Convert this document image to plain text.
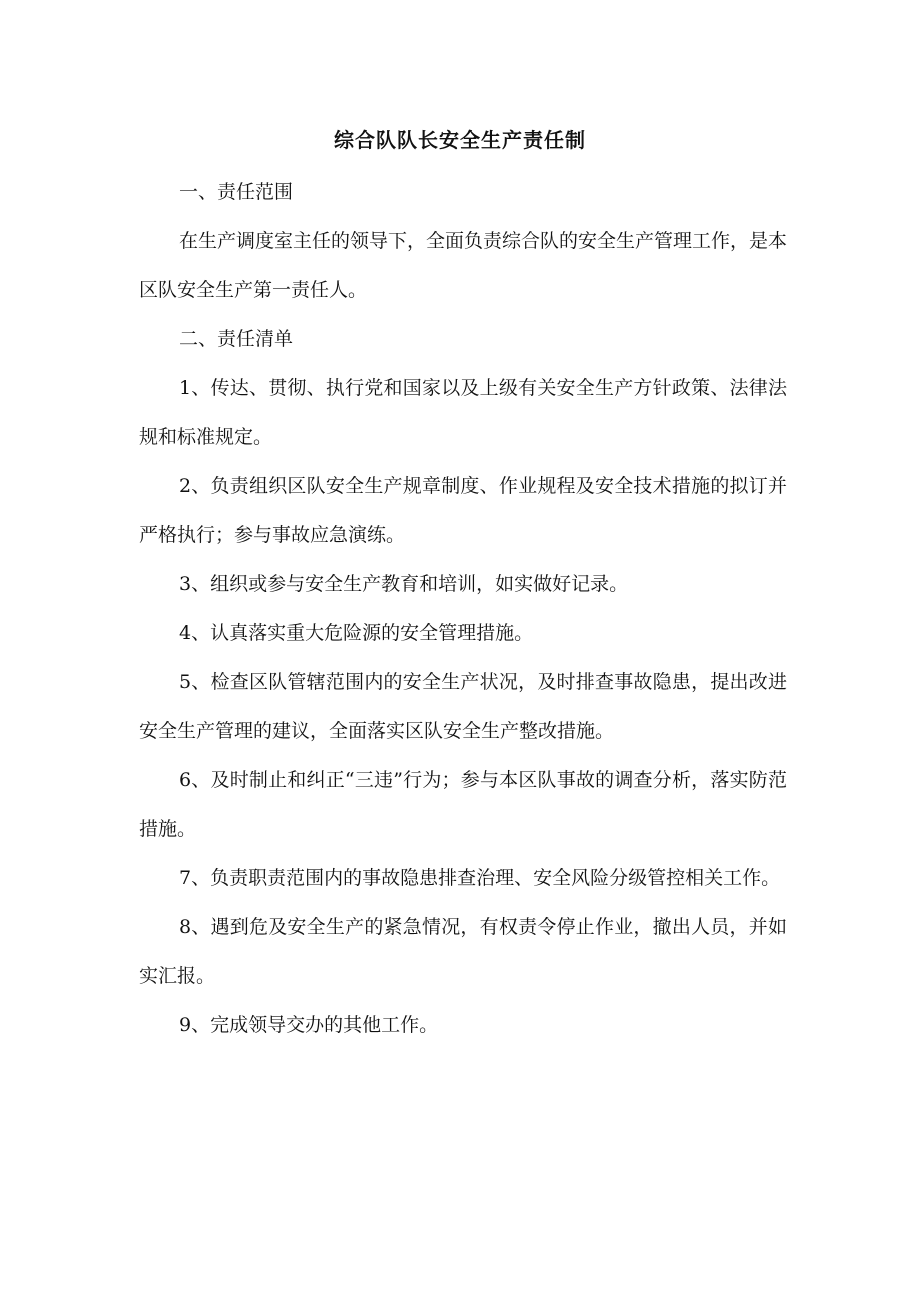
综合队队长安全生产责任制

一、责任范围

在生产调度室主任的领导下，全面负责综合队的安全生产管理工作，是本区队安全生产第一责任人。

二、责任清单

1、传达、贯彻、执行党和国家以及上级有关安全生产方针政策、法律法规和标准规定。

2、负责组织区队安全生产规章制度、作业规程及安全技术措施的拟订并严格执行；参与事故应急演练。

3、组织或参与安全生产教育和培训，如实做好记录。

4、认真落实重大危险源的安全管理措施。

5、检查区队管辖范围内的安全生产状况，及时排查事故隐患，提出改进安全生产管理的建议，全面落实区队安全生产整改措施。

6、及时制止和纠正“三违”行为；参与本区队事故的调查分析，落实防范措施。

7、负责职责范围内的事故隐患排查治理、安全风险分级管控相关工作。

8、遇到危及安全生产的紧急情况，有权责令停止作业，撤出人员，并如实汇报。

9、完成领导交办的其他工作。
